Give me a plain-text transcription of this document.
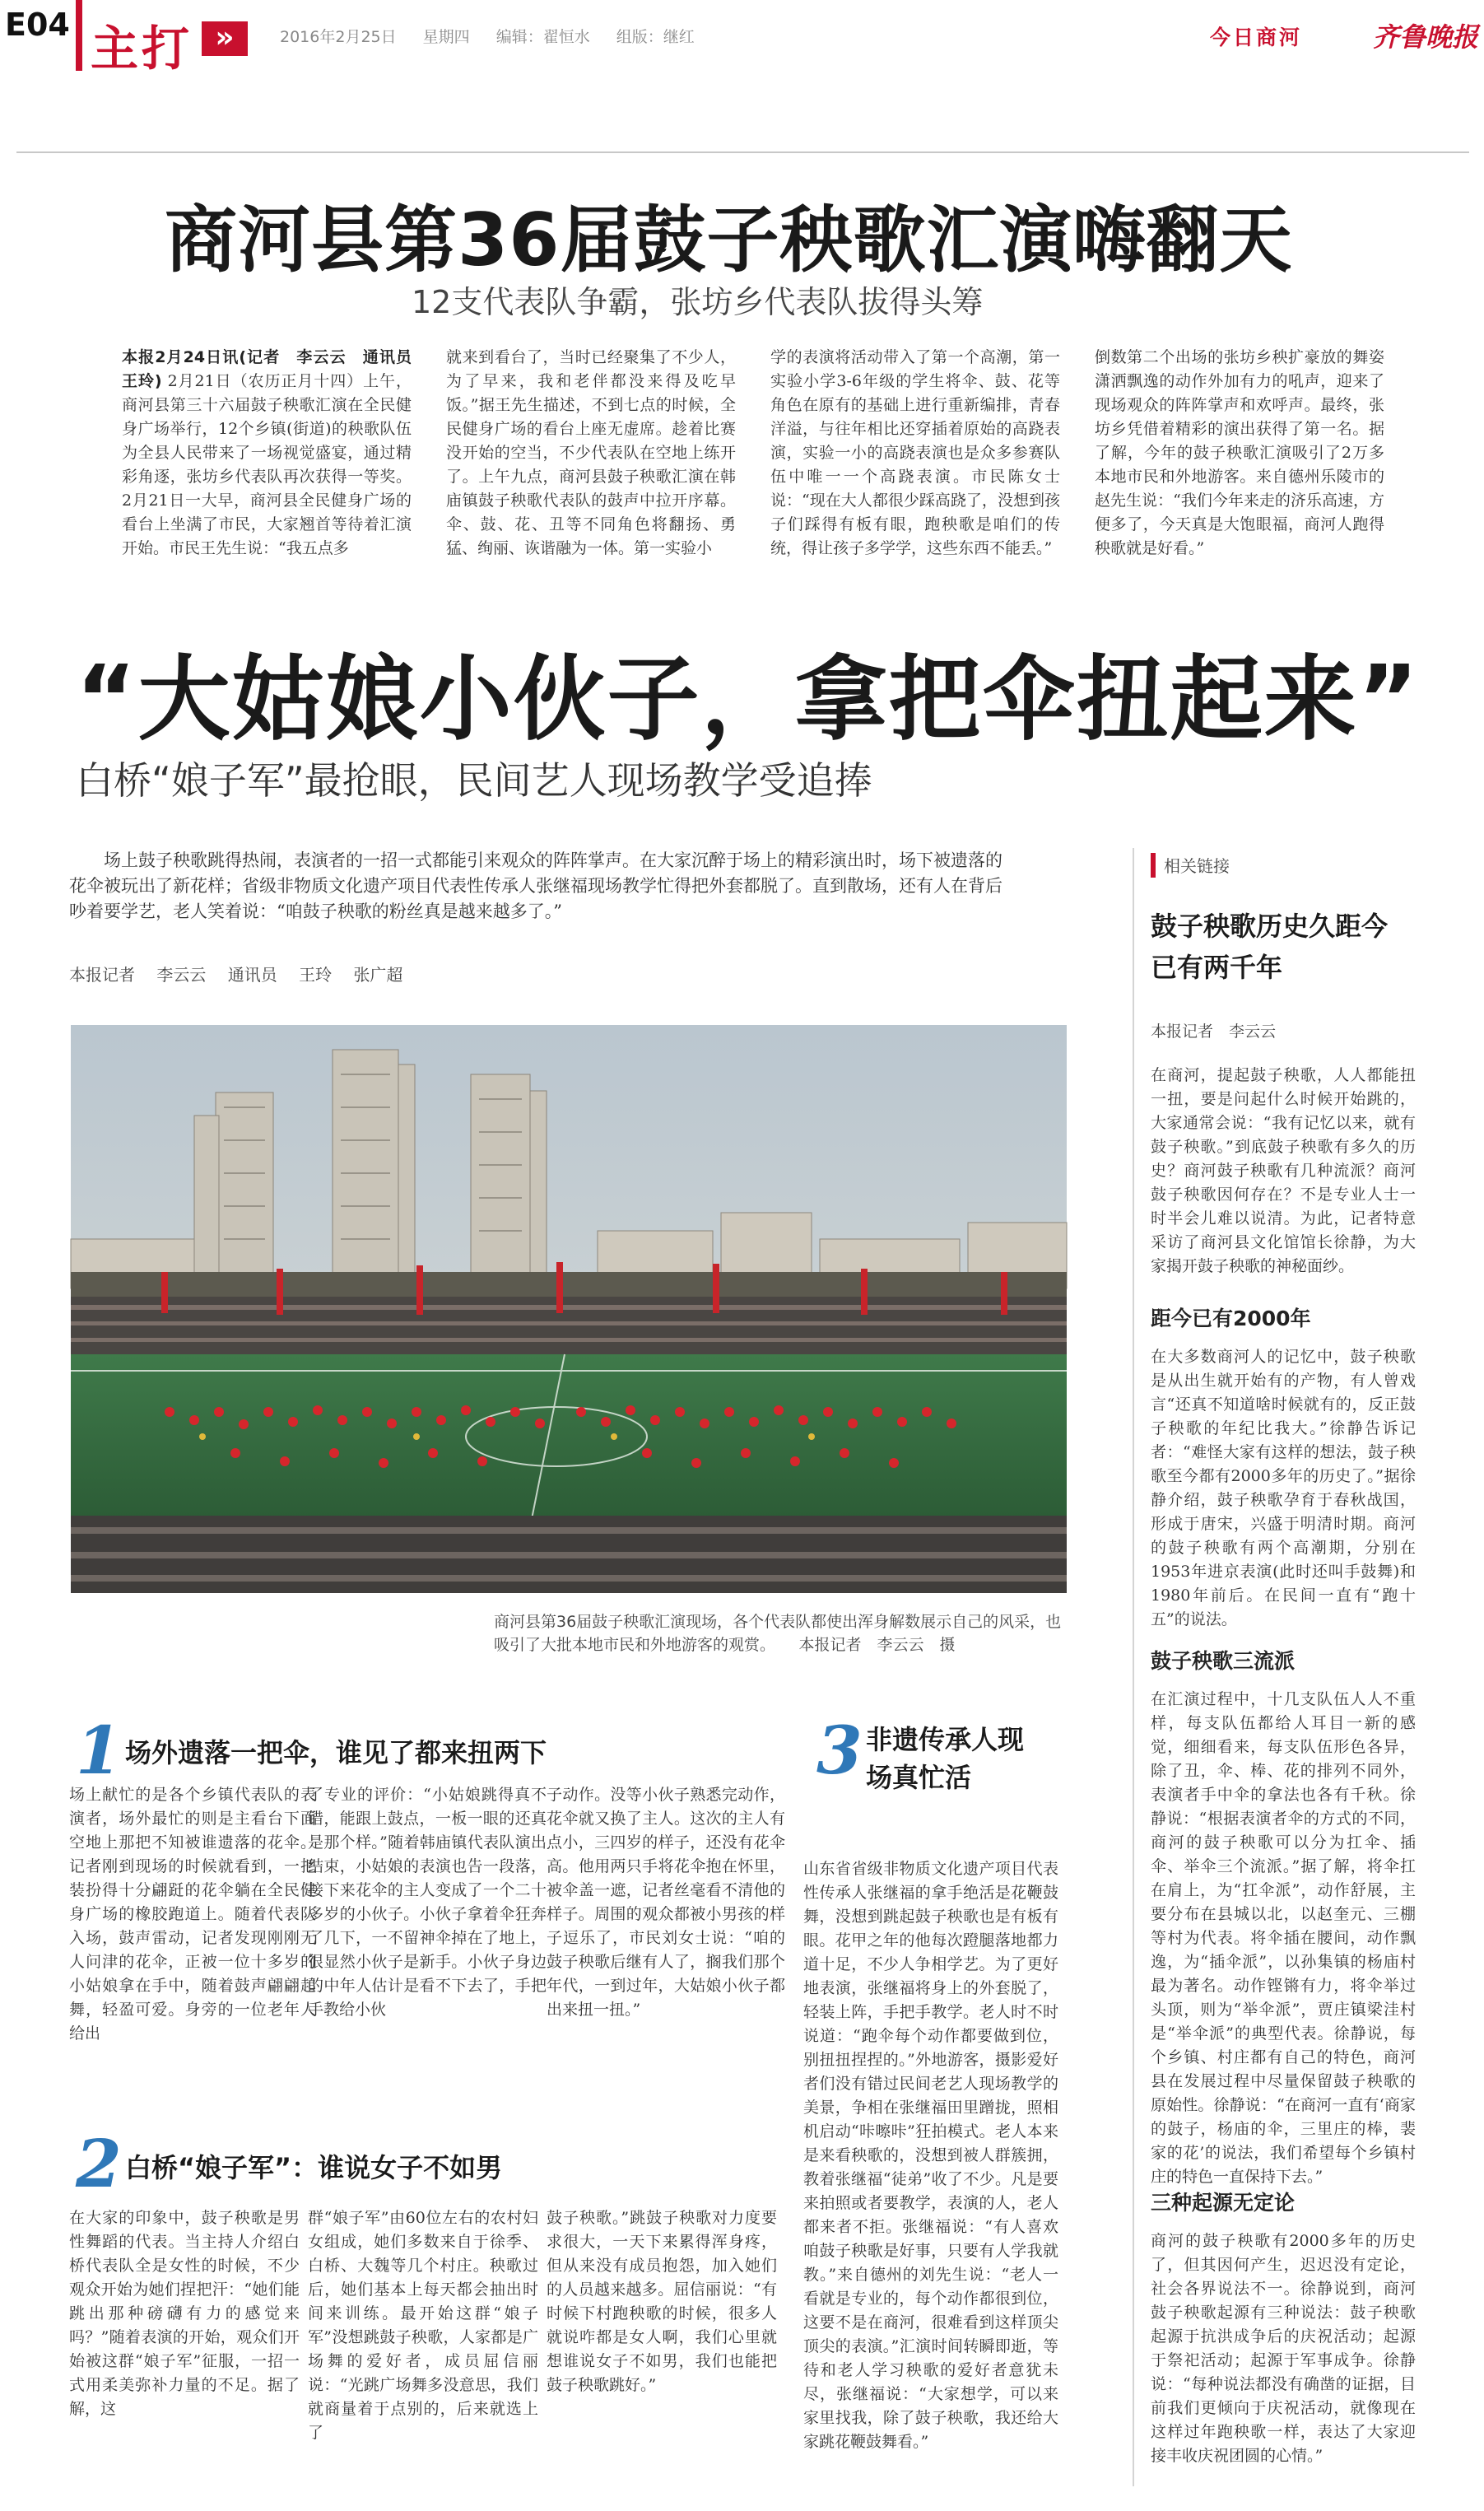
E04 主打 »	2016年2月25日 星期四 编辑：翟恒水 组版：继红	今日商河	齐鲁晚报
商河县第36届鼓子秧歌汇演嗨翻天
12支代表队争霸，张坊乡代表队拔得头筹
本报2月24日讯(记者　李云云　通讯员　王玲) 2月21日（农历正月十四）上午，商河县第三十六届鼓子秧歌汇演在全民健身广场举行，12个乡镇(街道)的秧歌队伍为全县人民带来了一场视觉盛宴，通过精彩角逐，张坊乡代表队再次获得一等奖。2月21日一大早，商河县全民健身广场的看台上坐满了市民，大家翘首等待着汇演开始。市民王先生说：“我五点多
就来到看台了，当时已经聚集了不少人，为了早来，我和老伴都没来得及吃早饭。”据王先生描述，不到七点的时候，全民健身广场的看台上座无虚席。趁着比赛没开始的空当，不少代表队在空地上练开了。上午九点，商河县鼓子秧歌汇演在韩庙镇鼓子秧歌代表队的鼓声中拉开序幕。伞、鼓、花、丑等不同角色将翻扬、勇猛、绚丽、诙谐融为一体。第一实验小
学的表演将活动带入了第一个高潮，第一实验小学3-6年级的学生将伞、鼓、花等角色在原有的基础上进行重新编排，青春洋溢，与往年相比还穿插着原始的高跷表演，实验一小的高跷表演也是众多参赛队伍中唯一一个高跷表演。市民陈女士说：“现在大人都很少踩高跷了，没想到孩子们踩得有板有眼，跑秧歌是咱们的传统，得让孩子多学学，这些东西不能丢。”
倒数第二个出场的张坊乡秧扩豪放的舞姿潇洒飘逸的动作外加有力的吼声，迎来了现场观众的阵阵掌声和欢呼声。最终，张坊乡凭借着精彩的演出获得了第一名。据了解，今年的鼓子秧歌汇演吸引了2万多本地市民和外地游客。来自德州乐陵市的赵先生说：“我们今年来走的济乐高速，方便多了，今天真是大饱眼福，商河人跑得秧歌就是好看。”
“大姑娘小伙子，拿把伞扭起来”
白桥“娘子军”最抢眼，民间艺人现场教学受追捧
场上鼓子秧歌跳得热闹，表演者的一招一式都能引来观众的阵阵掌声。在大家沉醉于场上的精彩演出时，场下被遗落的花伞被玩出了新花样；省级非物质文化遗产项目代表性传承人张继福现场教学忙得把外套都脱了。直到散场，还有人在背后吵着要学艺，老人笑着说：“咱鼓子秧歌的粉丝真是越来越多了。”
本报记者 李云云 通讯员 王玲 张广超
商河县第36届鼓子秧歌汇演现场，各个代表队都使出浑身解数展示自己的风采，也吸引了大批本地市民和外地游客的观赏。　　本报记者　李云云　摄
1 场外遗落一把伞，谁见了都来扭两下
场上献忙的是各个乡镇代表队的表演者，场外最忙的则是主看台下面空地上那把不知被谁遗落的花伞。记者刚到现场的时候就看到，一把装扮得十分翩跹的花伞躺在全民健身广场的橡胶跑道上。随着代表队入场，鼓声雷动，记者发现刚刚无人问津的花伞，正被一位十多岁的小姑娘拿在手中，随着鼓声翩翩起舞，轻盈可爱。身旁的一位老年人给出
了专业的评价：“小姑娘跳得真不错，能跟上鼓点，一板一眼的还真是那个样。”随着韩庙镇代表队演出结束，小姑娘的表演也告一段落，接下来花伞的主人变成了一个二十多岁的小伙子。小伙子拿着伞狂奔了几下，一不留神伞掉在了地上，很显然小伙子是新手。小伙子身边的中年人估计是看不下去了，手把手教给小伙
子动作。没等小伙子熟悉完动作，花伞就又换了主人。这次的主人有点小，三四岁的样子，还没有花伞高。他用两只手将花伞抱在怀里，被伞盖一遮，记者丝毫看不清他的样子。周围的观众都被小男孩的样子逗乐了，市民刘女士说：“咱的鼓子秧歌后继有人了，搁我们那个年代，一到过年，大姑娘小伙子都出来扭一扭。”
2 白桥“娘子军”：谁说女子不如男
在大家的印象中，鼓子秧歌是男性舞蹈的代表。当主持人介绍白桥代表队全是女性的时候，不少观众开始为她们捏把汗：“她们能跳出那种磅礴有力的感觉来吗？”随着表演的开始，观众们开始被这群“娘子军”征服，一招一式用柔美弥补力量的不足。据了解，这
群“娘子军”由60位左右的农村妇女组成，她们多数来自于徐季、白桥、大魏等几个村庄。秧歌过后，她们基本上每天都会抽出时间来训练。最开始这群“娘子军”没想跳鼓子秧歌，人家都是广场舞的爱好者，成员屈信丽说：“光跳广场舞多没意思，我们就商量着于点别的，后来就选上了
鼓子秧歌。”跳鼓子秧歌对力度要求很大，一天下来累得浑身疼，但从来没有成员抱怨，加入她们的人员越来越多。屈信丽说：“有时候下村跑秧歌的时候，很多人就说咋都是女人啊，我们心里就想谁说女子不如男，我们也能把鼓子秧歌跳好。”
3 非遗传承人现场真忙活
山东省省级非物质文化遗产项目代表性传承人张继福的拿手绝活是花鞭鼓舞，没想到跳起鼓子秧歌也是有板有眼。花甲之年的他每次蹬腿落地都力道十足，不少人争相学艺。为了更好地表演，张继福将身上的外套脱了，轻装上阵，手把手教学。老人时不时说道：“跑伞每个动作都要做到位，别扭扭捏捏的。”外地游客，摄影爱好者们没有错过民间老艺人现场教学的美景，争相在张继福田里蹭拢，照相机启动“咔嚓咔”狂拍模式。老人本来是来看秧歌的，没想到被人群簇拥，教着张继福“徒弟”收了不少。凡是要来拍照或者要教学，表演的人，老人都来者不拒。张继福说：“有人喜欢咱鼓子秧歌是好事，只要有人学我就教。”来自德州的刘先生说：“老人一看就是专业的，每个动作都很到位，这要不是在商河，很难看到这样顶尖顶尖的表演。”汇演时间转瞬即逝，等待和老人学习秧歌的爱好者意犹未尽，张继福说：“大家想学，可以来家里找我，除了鼓子秧歌，我还给大家跳花鞭鼓舞看。”
相关链接
鼓子秧歌历史久距今已有两千年
本报记者　李云云
在商河，提起鼓子秧歌，人人都能扭一扭，要是问起什么时候开始跳的，大家通常会说：“我有记忆以来，就有鼓子秧歌。”到底鼓子秧歌有多久的历史？商河鼓子秧歌有几种流派？商河鼓子秧歌因何存在？不是专业人士一时半会儿难以说清。为此，记者特意采访了商河县文化馆馆长徐静，为大家揭开鼓子秧歌的神秘面纱。
距今已有2000年
在大多数商河人的记忆中，鼓子秧歌是从出生就开始有的产物，有人曾戏言“还真不知道啥时候就有的，反正鼓子秧歌的年纪比我大。”徐静告诉记者：“难怪大家有这样的想法，鼓子秧歌至今都有2000多年的历史了。”据徐静介绍，鼓子秧歌孕育于春秋战国，形成于唐宋，兴盛于明清时期。商河的鼓子秧歌有两个高潮期，分别在1953年进京表演(此时还叫手鼓舞)和1980年前后。在民间一直有“跑十五”的说法。
鼓子秧歌三流派
在汇演过程中，十几支队伍人人不重样，每支队伍都给人耳目一新的感觉，细细看来，每支队伍形色各异，除了丑，伞、棒、花的排列不同外，表演者手中伞的拿法也各有千秋。徐静说：“根据表演者伞的方式的不同，商河的鼓子秧歌可以分为扛伞、插伞、举伞三个流派。”据了解，将伞扛在肩上，为“扛伞派”，动作舒展，主要分布在县城以北，以赵奎元、三棚等村为代表。将伞插在腰间，动作飘逸，为“插伞派”，以孙集镇的杨庙村最为著名。动作铿锵有力，将伞举过头顶，则为“举伞派”，贾庄镇梁洼村是“举伞派”的典型代表。徐静说，每个乡镇、村庄都有自己的特色，商河县在发展过程中尽量保留鼓子秧歌的原始性。徐静说：“在商河一直有‘商家的鼓子，杨庙的伞，三里庄的棒，裴家的花’的说法，我们希望每个乡镇村庄的特色一直保持下去。”
三种起源无定论
商河的鼓子秧歌有2000多年的历史了，但其因何产生，迟迟没有定论，社会各界说法不一。徐静说到，商河鼓子秧歌起源有三种说法：鼓子秧歌起源于抗洪成争后的庆祝活动；起源于祭祀活动；起源于军事成争。徐静说：“每种说法都没有确凿的证据，目前我们更倾向于庆祝活动，就像现在这样过年跑秧歌一样，表达了大家迎接丰收庆祝团圆的心情。”
